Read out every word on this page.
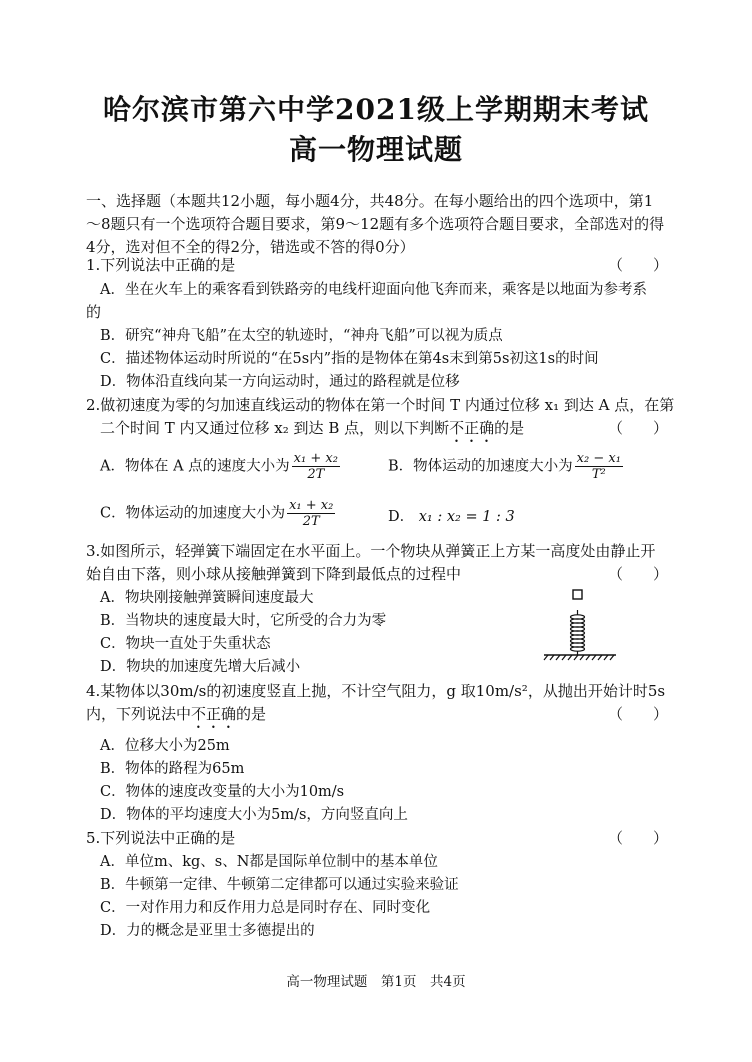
哈尔滨市第六中学2021级上学期期末考试
高一物理试题
一、选择题（本题共12小题，每小题4分，共48分。在每小题给出的四个选项中，第1～8题只有一个选项符合题目要求，第9～12题有多个选项符合题目要求，全部选对的得4分，选对但不全的得2分，错选或不答的得0分）
1.下列说法中正确的是	（　　）
A．坐在火车上的乘客看到铁路旁的电线杆迎面向他飞奔而来，乘客是以地面为参考系
的
B．研究“神舟飞船”在太空的轨迹时，“神舟飞船”可以视为质点
C．描述物体运动时所说的“在5s内”指的是物体在第4s末到第5s初这1s的时间
D．物体沿直线向某一方向运动时，通过的路程就是位移
2.做初速度为零的匀加速直线运动的物体在第一个时间 T 内通过位移 x₁ 到达 A 点，在第
二个时间 T 内又通过位移 x₂ 到达 B 点，则以下判断不正确的是	（　　）
A．物体在 A 点的速度大小为 $\frac{\text{x₁ + x₂}}{2T}$	B．物体运动的加速度大小为 $\frac{\text{x₂ − x₁}}{\text{T²}}$
C．物体运动的加速度大小为 $\frac{\text{x₁ + x₂}}{2T}$	D． x₁ : x₂ = 1 : 3
3.如图所示，轻弹簧下端固定在水平面上。一个物块从弹簧正上方某一高度处由静止开
始自由下落，则小球从接触弹簧到下降到最低点的过程中	（　　）
A．物块刚接触弹簧瞬间速度最大
B．当物块的速度最大时，它所受的合力为零
C．物块一直处于失重状态
D．物块的加速度先增大后减小
4.某物体以30m/s的初速度竖直上抛，不计空气阻力，g 取10m/s²，从抛出开始计时5s
内，下列说法中不正确的是	（　　）
A．位移大小为25m
B．物体的路程为65m
C．物体的速度改变量的大小为10m/s
D．物体的平均速度大小为5m/s，方向竖直向上
5.下列说法中正确的是	（　　）
A．单位m、kg、s、N都是国际单位制中的基本单位
B．牛顿第一定律、牛顿第二定律都可以通过实验来验证
C．一对作用力和反作用力总是同时存在、同时变化
D．力的概念是亚里士多德提出的
高一物理试题　第1页　共4页
